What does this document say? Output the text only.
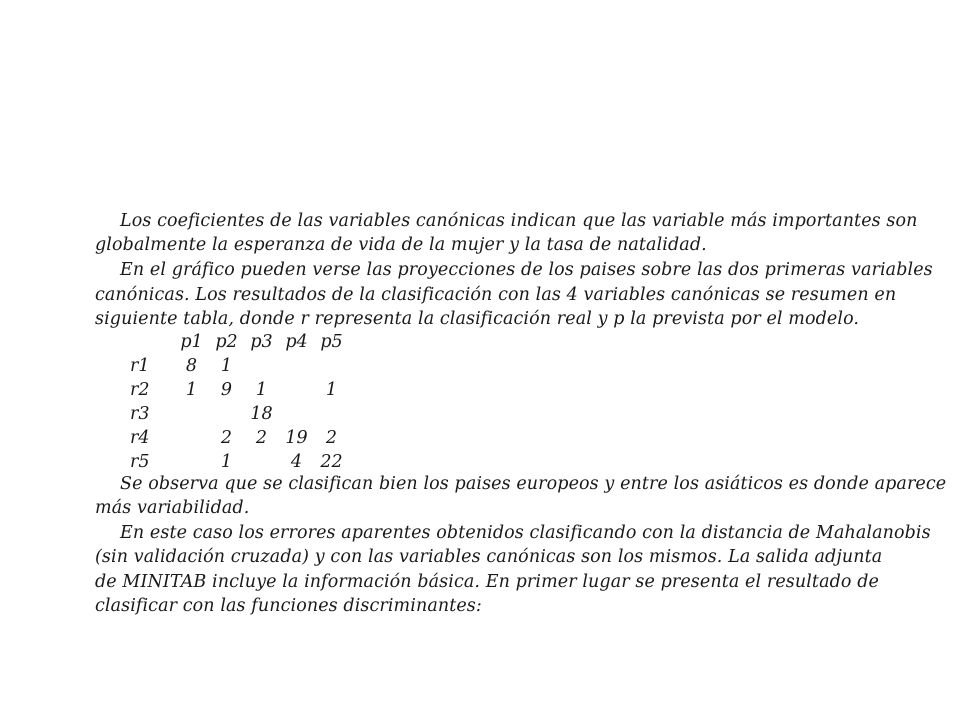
Los coeficientes de las variables canónicas indican que las variable más importantes son
globalmente la esperanza de vida de la mujer y la tasa de natalidad.
En el gráfico pueden verse las proyecciones de los paises sobre las dos primeras variables
canónicas. Los resultados de la clasificación con las 4 variables canónicas se resumen en
siguiente tabla, donde r representa la clasificación real y p la prevista por el modelo.
	p1	p2	p3	p4	p5
r1	8	1			
r2	1	9	1		1
r3			18		
r4		2	2	19	2
r5		1		4	22
Se observa que se clasifican bien los paises europeos y entre los asiáticos es donde aparece
más variabilidad.
En este caso los errores aparentes obtenidos clasificando con la distancia de Mahalanobis
(sin validación cruzada) y con las variables canónicas son los mismos. La salida adjunta
de MINITAB incluye la información básica. En primer lugar se presenta el resultado de
clasificar con las funciones discriminantes:
